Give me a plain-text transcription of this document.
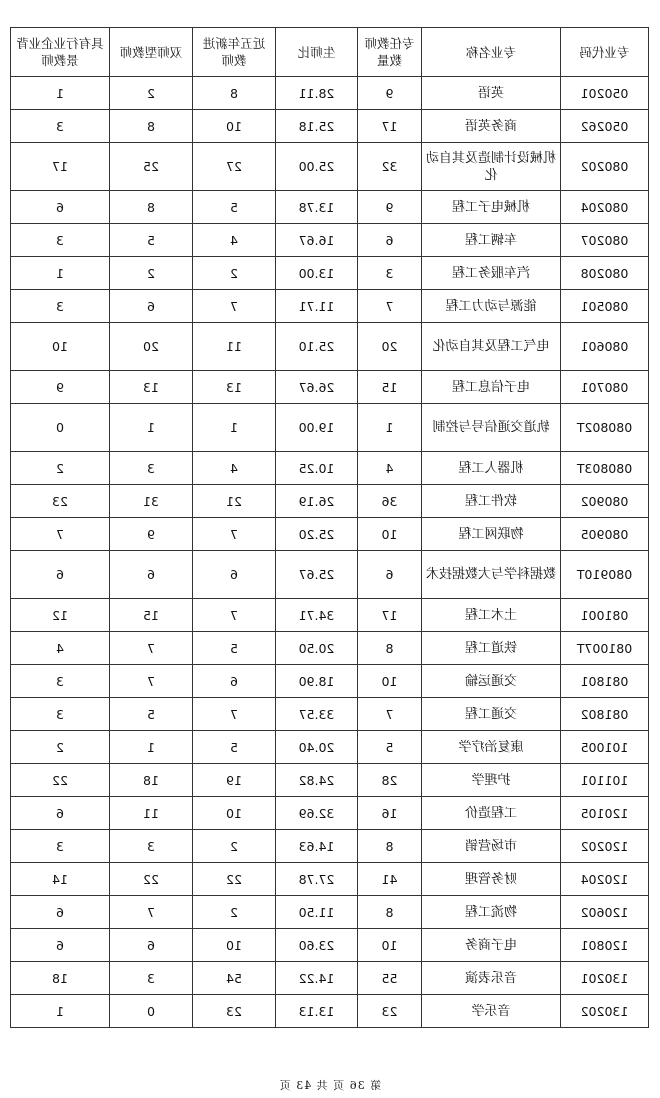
专业代码	专业名称	专任教师数量	生师比	近五年新进教师	双师型教师	具有行业企业背景教师
050201	英语	9	28.11	8	2	1
050262	商务英语	17	25.18	10	8	3
080202	机械设计制造及其自动化	32	25.00	27	25	17
080204	机械电子工程	9	13.78	5	8	6
080207	车辆工程	6	16.67	4	5	3
080208	汽车服务工程	3	13.00	2	2	1
080501	能源与动力工程	7	11.71	7	6	3
080601	电气工程及其自动化	20	25.10	11	20	10
080701	电子信息工程	15	26.67	13	13	9
080802T	轨道交通信号与控制	1	19.00	1	1	0
080803T	机器人工程	4	10.25	4	3	2
080902	软件工程	36	26.19	21	31	23
080905	物联网工程	10	25.20	7	9	7
080910T	数据科学与大数据技术	6	25.67	6	6	6
081001	土木工程	17	34.71	7	15	12
081007T	铁道工程	8	20.50	5	7	4
081801	交通运输	10	18.90	6	7	3
081802	交通工程	7	33.57	7	5	3
101005	康复治疗学	5	20.40	5	1	2
101101	护理学	28	24.82	19	18	22
120105	工程造价	16	32.69	10	11	6
120202	市场营销	8	14.63	2	3	3
120204	财务管理	41	27.78	22	22	14
120602	物流工程	8	11.50	2	7	6
120801	电子商务	10	23.60	10	6	6
130201	音乐表演	55	14.22	54	3	18
130202	音乐学	23	13.13	23	0	1
第 36 页 共 43 页
